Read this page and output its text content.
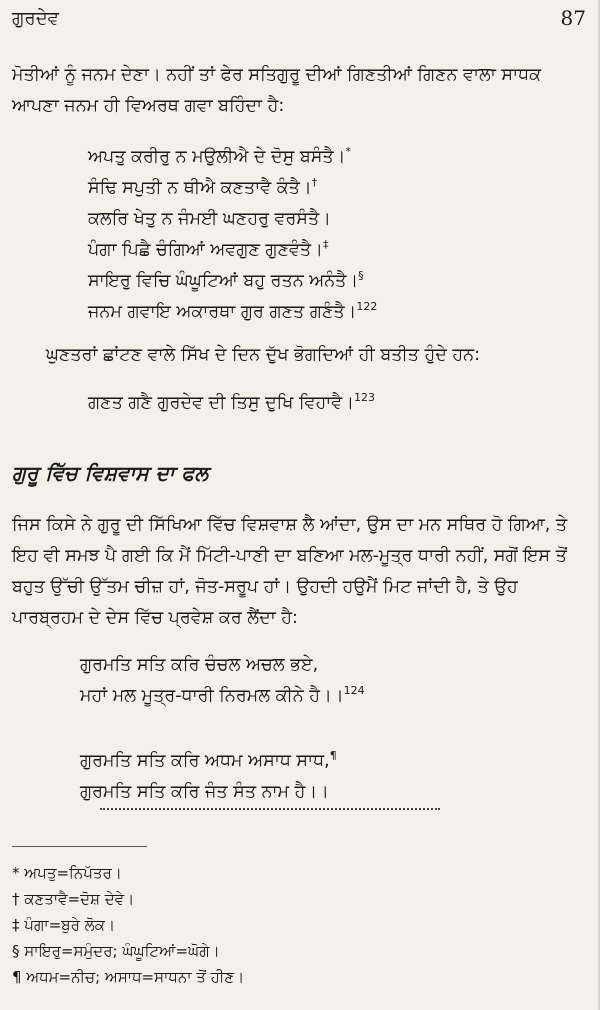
ਗੁਰਦੇਵ	87

ਮੋਤੀਆਂ ਨੂੰ ਜਨਮ ਦੇਣਾ। ਨਹੀਂ ਤਾਂ ਫੇਰ ਸਤਿਗੁਰੂ ਦੀਆਂ ਗਿਣਤੀਆਂ ਗਿਣਨ ਵਾਲਾ ਸਾਧਕ ਆਪਣਾ ਜਨਮ ਹੀ ਵਿਅਰਥ ਗਵਾ ਬਹਿੰਦਾ ਹੈ:

ਅਪਤੁ ਕਰੀਰੁ ਨ ਮਉਲੀਐ ਦੇ ਦੋਸੁ ਬਸੰਤੈ।*
ਸੰਢਿ ਸਪੁਤੀ ਨ ਥੀਐ ਕਣਤਾਵੈ ਕੰਤੈ।†
ਕਲਰਿ ਖੇਤੁ ਨ ਜੰਮਈ ਘਣਹਰੁ ਵਰਸੰਤੈ।
ਪੰਗਾ ਪਿਛੈ ਚੰਗਿਆਂ ਅਵਗੁਣ ਗੁਣਵੰਤੈ।‡
ਸਾਇਰੁ ਵਿਚਿ ਘੰਘੂਟਿਆਂ ਬਹੁ ਰਤਨ ਅਨੰਤੈ।§
ਜਨਮ ਗਵਾਇ ਅਕਾਰਥਾ ਗੁਰ ਗਣਤ ਗਣੰਤੈ।$^{122}$

ਘੁਣਤਰਾਂ ਛਾਂਟਣ ਵਾਲੇ ਸਿੱਖ ਦੇ ਦਿਨ ਦੁੱਖ ਭੋਗਦਿਆਂ ਹੀ ਬਤੀਤ ਹੁੰਦੇ ਹਨ:

ਗਣਤ ਗਣੈ ਗੁਰਦੇਵ ਦੀ ਤਿਸੁ ਦੁਖਿ ਵਿਹਾਵੈ।$^{123}$
ਗੁਰੂ ਵਿੱਚ ਵਿਸ਼ਵਾਸ ਦਾ ਫਲ

ਜਿਸ ਕਿਸੇ ਨੇ ਗੁਰੂ ਦੀ ਸਿੱਖਿਆ ਵਿੱਚ ਵਿਸ਼ਵਾਸ਼ ਲੈ ਆਂਦਾ, ਉਸ ਦਾ ਮਨ ਸਥਿਰ ਹੋ ਗਿਆ, ਤੇ ਇਹ ਵੀ ਸਮਝ ਪੈ ਗਈ ਕਿ ਮੈਂ ਮਿੱਟੀ-ਪਾਣੀ ਦਾ ਬਣਿਆ ਮਲ-ਮੂਤ੍ਰ ਧਾਰੀ ਨਹੀਂ, ਸਗੋਂ ਇਸ ਤੋਂ ਬਹੁਤ ਉੱਚੀ ਉੱਤਮ ਚੀਜ਼ ਹਾਂ, ਜੋਤ-ਸਰੂਪ ਹਾਂ। ਉਹਦੀ ਹਉਮੈਂ ਮਿਟ ਜਾਂਦੀ ਹੈ, ਤੇ ਉਹ ਪਾਰਬ੍ਰਹਮ ਦੇ ਦੇਸ ਵਿੱਚ ਪ੍ਰਵੇਸ਼ ਕਰ ਲੈਂਦਾ ਹੈ:

ਗੁਰਮਤਿ ਸਤਿ ਕਰਿ ਚੰਚਲ ਅਚਲ ਭਏ,
ਮਹਾਂ ਮਲ ਮੂਤ੍ਰ-ਧਾਰੀ ਨਿਰਮਲ ਕੀਨੇ ਹੈ।।$^{124}$
ਗੁਰਮਤਿ ਸਤਿ ਕਰਿ ਅਧਮ ਅਸਾਧ ਸਾਧ,¶
ਗੁਰਮਤਿ ਸਤਿ ਕਰਿ ਜੰਤ ਸੰਤ ਨਾਮ ਹੈ।।
* ਅਪਤੁ=ਨਿਪੱਤਰ।
† ਕਣਤਾਵੈ=ਦੋਸ਼ ਦੇਵੇ।
‡ ਪੰਗਾ=ਬੁਰੇ ਲੋਕ।
§ ਸਾਇਰੁ=ਸਮੁੰਦਰ; ਘੰਘੂਟਿਆਂ=ਘੋਗੇ।
¶ ਅਧਮ=ਨੀਚ; ਅਸਾਧ=ਸਾਧਨਾ ਤੋਂ ਹੀਣ।
